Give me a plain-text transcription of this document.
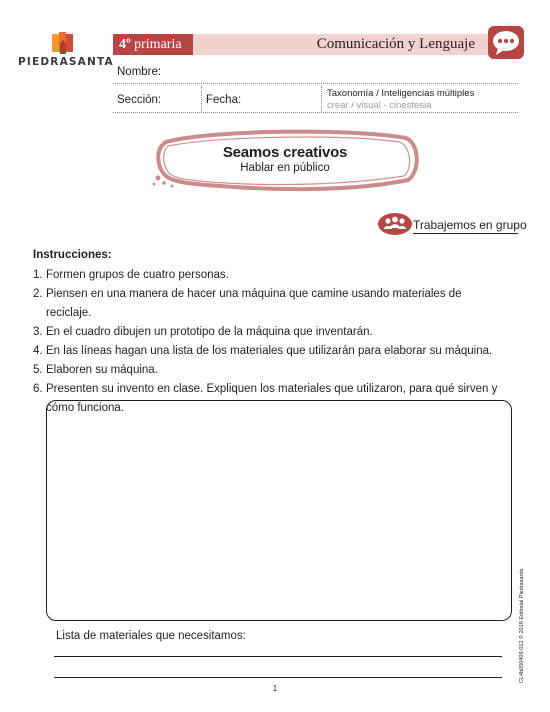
PIEDRASANTA
4º primaria	Comunicación y Lenguaje
Nombre:
Sección:	Fecha:
Taxonomía / Inteligencias múltiples
crear / visual - cinestesia
Seamos creativos
Hablar en público
Trabajemos en grupo
Instrucciones:
1. Formen grupos de cuatro personas.
2. Piensen en una manera de hacer una máquina que camine usando materiales de reciclaje.
3. En el cuadro dibujen un prototipo de la máquina que inventarán.
4. En las líneas hagan una lista de los materiales que utilizarán para elaborar su máquina.
5. Elaboren su máquina.
6. Presenten su invento en clase. Expliquen los materiales que utilizaron, para qué sirven y cómo funciona.
CL4b050409-012 © 2018 Editorial Piedrasanta
Lista de materiales que necesitamos:
1
